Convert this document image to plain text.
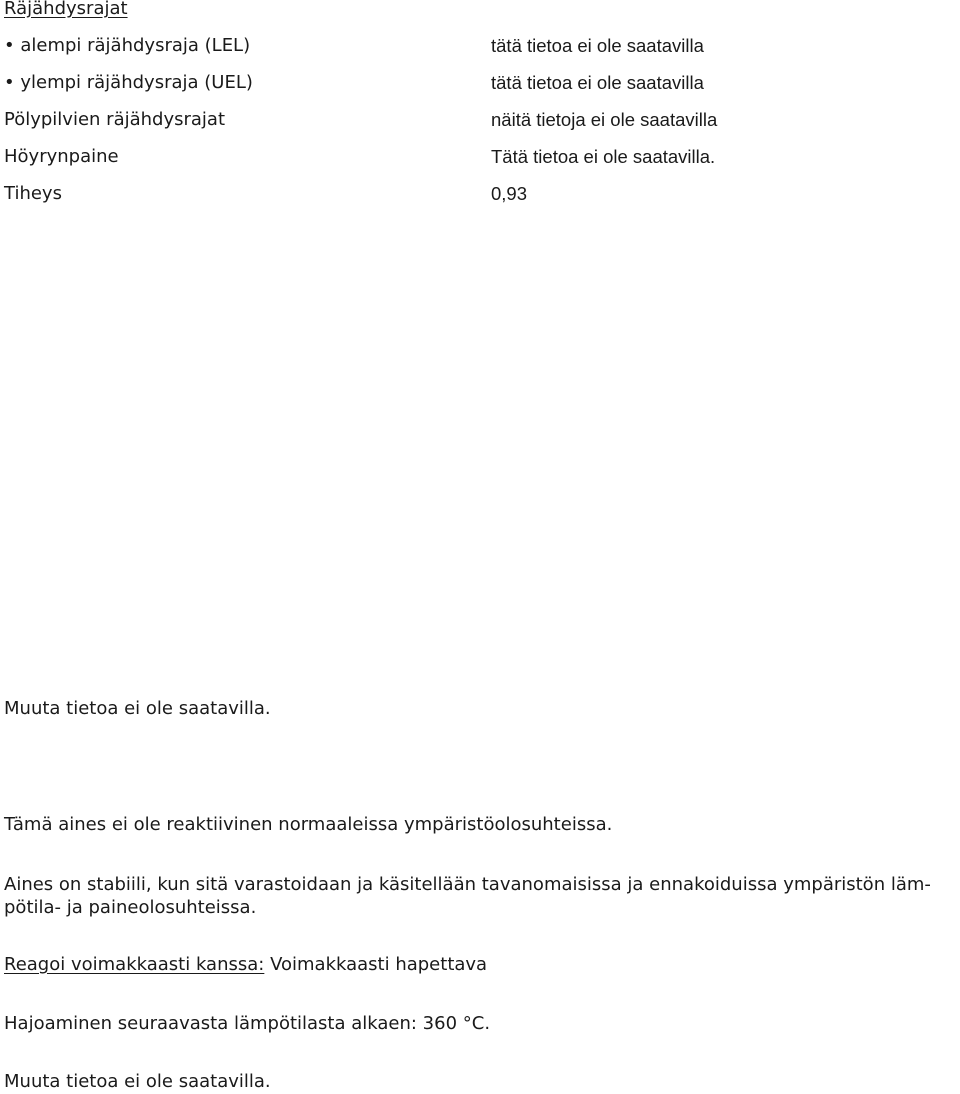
Räjähdysrajat
• alempi räjähdysraja (LEL)	tätä tietoa ei ole saatavilla
• ylempi räjähdysraja (UEL)	tätä tietoa ei ole saatavilla
Pölypilvien räjähdysrajat	näitä tietoja ei ole saatavilla
Höyrynpaine	Tätä tietoa ei ole saatavilla.
Tiheys	0,93
Muuta tietoa ei ole saatavilla.
Tämä aines ei ole reaktiivinen normaaleissa ympäristöolosuhteissa.
Aines on stabiili, kun sitä varastoidaan ja käsitellään tavanomaisissa ja ennakoiduissa ympäristön läm-
pötila- ja paineolosuhteissa.
Reagoi voimakkaasti kanssa: Voimakkaasti hapettava
Hajoaminen seuraavasta lämpötilasta alkaen: 360 °C.
Muuta tietoa ei ole saatavilla.
